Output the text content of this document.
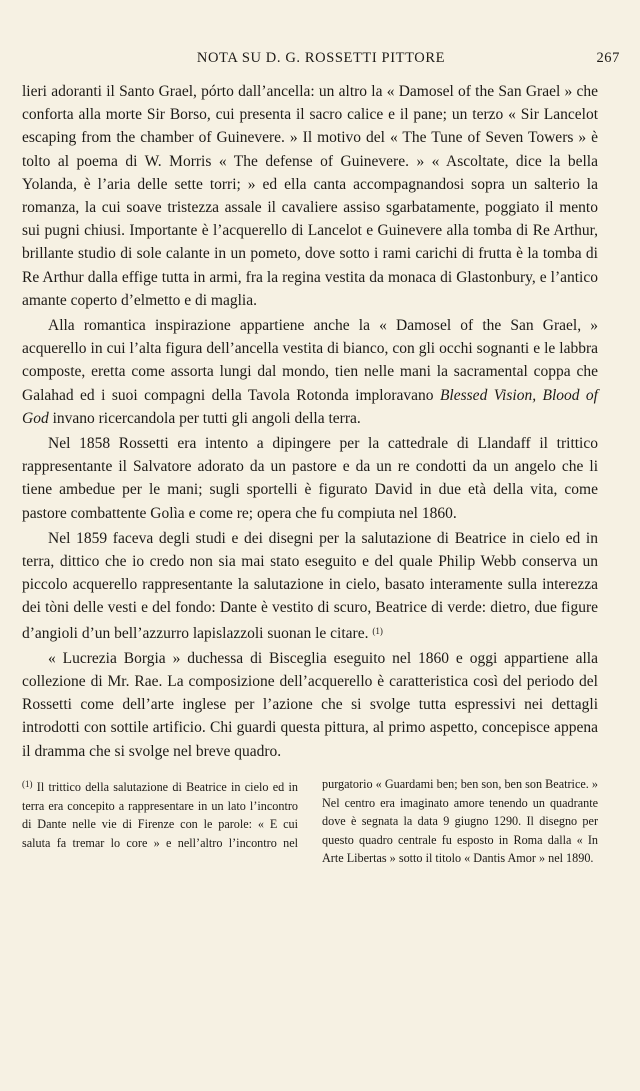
NOTA SU D. G. ROSSETTI PITTORE	267

lieri adoranti il Santo Grael, pórto dall’ancella: un altro la « Damosel of the San Grael » che conforta alla morte Sir Borso, cui presenta il sacro calice e il pane; un terzo « Sir Lancelot escaping from the chamber of Guinevere. » Il motivo del « The Tune of Seven Towers » è tolto al poema di W. Morris « The defense of Guinevere. » « Ascoltate, dice la bella Yolanda, è l’aria delle sette torri; » ed ella canta accompagnandosi sopra un salterio la romanza, la cui soave tristezza assale il cavaliere assiso sgarbatamente, poggiato il mento sui pugni chiusi. Importante è l’acquerello di Lancelot e Guinevere alla tomba di Re Arthur, brillante studio di sole calante in un pometo, dove sotto i rami carichi di frutta è la tomba di Re Arthur dalla effige tutta in armi, fra la regina vestita da monaca di Glastonbury, e l’antico amante coperto d’elmetto e di maglia.

Alla romantica inspirazione appartiene anche la « Damosel of the San Grael, » acquerello in cui l’alta figura dell’ancella vestita di bianco, con gli occhi sognanti e le labbra composte, eretta come assorta lungi dal mondo, tien nelle mani la sacramental coppa che Galahad ed i suoi compagni della Tavola Rotonda imploravano Blessed Vision, Blood of God invano ricercandola per tutti gli angoli della terra.

Nel 1858 Rossetti era intento a dipingere per la cattedrale di Llandaff il trittico rappresentante il Salvatore adorato da un pastore e da un re condotti da un angelo che li tiene ambedue per le mani; sugli sportelli è figurato David in due età della vita, come pastore combattente Golìa e come re; opera che fu compiuta nel 1860.

Nel 1859 faceva degli studi e dei disegni per la salutazione di Beatrice in cielo ed in terra, dittico che io credo non sia mai stato eseguito e del quale Philip Webb conserva un piccolo acquerello rappresentante la salutazione in cielo, basato interamente sulla interezza dei tòni delle vesti e del fondo: Dante è vestito di scuro, Beatrice di verde: dietro, due figure d’angioli d’un bell’azzurro lapislazzoli suonan le citare. $^{(1)}$

« Lucrezia Borgia » duchessa di Bisceglia eseguito nel 1860 e oggi appartiene alla collezione di Mr. Rae. La composizione dell’acquerello è caratteristica così del periodo del Rossetti come dell’arte inglese per l’azione che si svolge tutta espressivi nei dettagli introdotti con sottile artificio. Chi guardi questa pittura, al primo aspetto, concepisce appena il dramma che si svolge nel breve quadro.

$^{(1)}$ Il trittico della salutazione di Beatrice in cielo ed in terra era concepito a rappresentare in un lato l’incontro di Dante nelle vie di Firenze con le parole: « E cui saluta fa tremar lo core » e nell’altro l’incontro nel purgatorio « Guardami ben; ben son, ben son Beatrice. » Nel centro era imaginato amore tenendo un quadrante dove è segnata la data 9 giugno 1290. Il disegno per questo quadro centrale fu esposto in Roma dalla « In Arte Libertas » sotto il titolo « Dantis Amor » nel 1890.
